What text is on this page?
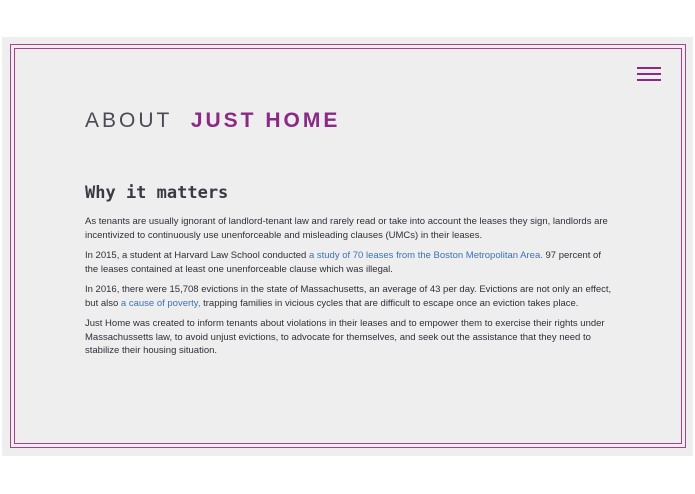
ABOUT JUST HOME
Why it matters

As tenants are usually ignorant of landlord-tenant law and rarely read or take into account the leases they sign, landlords are incentivized to continuously use unenforceable and misleading clauses (UMCs) in their leases.

In 2015, a student at Harvard Law School conducted a study of 70 leases from the Boston Metropolitan Area. 97 percent of the leases contained at least one unenforceable clause which was illegal.

In 2016, there were 15,708 evictions in the state of Massachusetts, an average of 43 per day. Evictions are not only an effect, but also a cause of poverty, trapping families in vicious cycles that are difficult to escape once an eviction takes place.

Just Home was created to inform tenants about violations in their leases and to empower them to exercise their rights under Massachussetts law, to avoid unjust evictions, to advocate for themselves, and seek out the assistance that they need to stabilize their housing situation.
